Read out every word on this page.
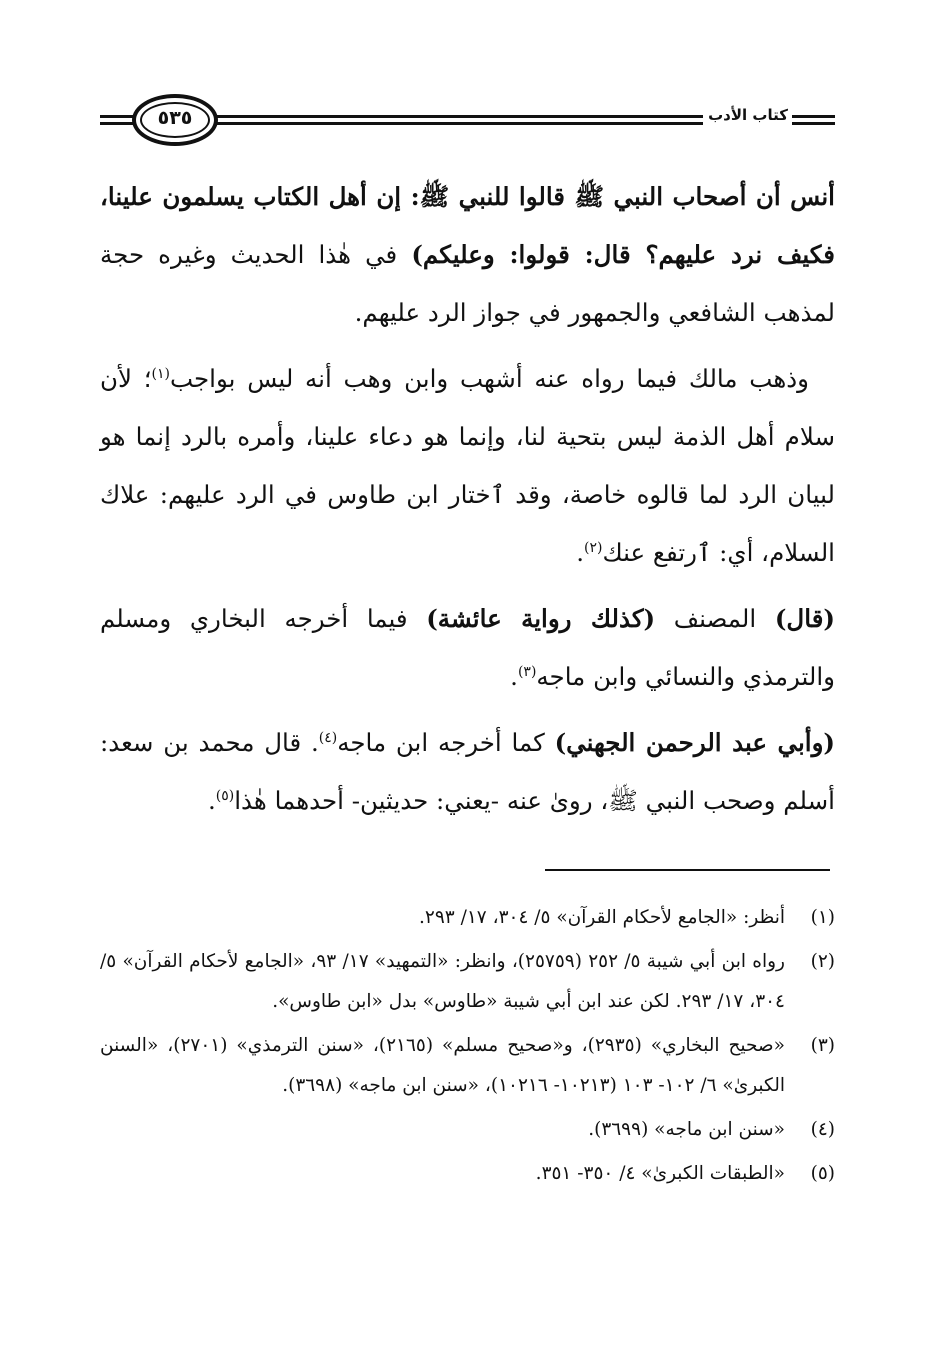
٥٣٥	كتاب الأدب

أنس أن أصحاب النبي ﷺ قالوا للنبي ﷺ: إن أهل الكتاب يسلمون علينا، فكيف نرد عليهم؟ قال: قولوا: وعليكم) في هٰذا الحديث وغيره حجة لمذهب الشافعي والجمهور في جواز الرد عليهم.

وذهب مالك فيما رواه عنه أشهب وابن وهب أنه ليس بواجب$^{(١)}$؛ لأن سلام أهل الذمة ليس بتحية لنا، وإنما هو دعاء علينا، وأمره بالرد إنما هو لبيان الرد لما قالوه خاصة، وقد ٱختار ابن طاوس في الرد عليهم: علاك السلام، أي: ٱرتفع عنك$^{(٢)}$.

(قال) المصنف (كذلك رواية عائشة) فيما أخرجه البخاري ومسلم والترمذي والنسائي وابن ماجه$^{(٣)}$.

(وأبي عبد الرحمن الجهني) كما أخرجه ابن ماجه$^{(٤)}$. قال محمد بن سعد: أسلم وصحب النبي ﷺ، روىٰ عنه -يعني: حديثين- أحدهما هٰذا$^{(٥)}$.

(١)
أنظر: «الجامع لأحكام القرآن» ٥/ ٣٠٤، ١٧/ ٢٩٣.
(٢)
رواه ابن أبي شيبة ٥/ ٢٥٢ (٢٥٧٥٩)، وانظر: «التمهيد» ١٧/ ٩٣، «الجامع لأحكام القرآن» ٥/ ٣٠٤، ١٧/ ٢٩٣. لكن عند ابن أبي شيبة «طاوس» بدل «ابن طاوس».
(٣)
«صحيح البخاري» (٢٩٣٥)، و«صحيح مسلم» (٢١٦٥)، «سنن الترمذي» (٢٧٠١)، «السنن الكبرىٰ» ٦/ ١٠٢- ١٠٣ (١٠٢١٣- ١٠٢١٦)، «سنن ابن ماجه» (٣٦٩٨).
(٤)
«سنن ابن ماجه» (٣٦٩٩).
(٥)
«الطبقات الكبرىٰ» ٤/ ٣٥٠- ٣٥١.
